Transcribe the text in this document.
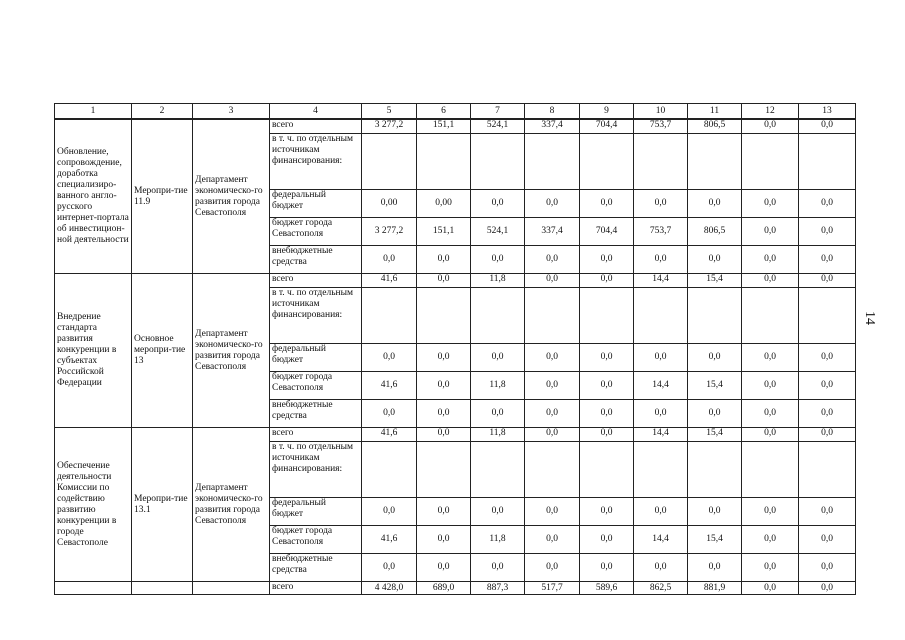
1	2	3	4	5	6	7	8	9	10	11	12	13
Обновление, сопровождение, доработка специализиро-ванного англо-русского интернет-портала об инвестицион-ной деятельности	Меропри-тие 11.9	Департамент экономическо-го развития города Севастополя	всего	3 277,2	151,1	524,1	337,4	704,4	753,7	806,5	0,0	0,0
			в т. ч. по отдельным источникам финансирования:									
			федеральный бюджет	0,00	0,00	0,0	0,0	0,0	0,0	0,0	0,0	0,0
			бюджет города Севастополя	3 277,2	151,1	524,1	337,4	704,4	753,7	806,5	0,0	0,0
			внебюджетные средства	0,0	0,0	0,0	0,0	0,0	0,0	0,0	0,0	0,0
Внедрение стандарта развития конкуренции в субъектах Российской Федерации	Основное меропри-тие 13	Департамент экономическо-го развития города Севастополя	всего	41,6	0,0	11,8	0,0	0,0	14,4	15,4	0,0	0,0
			в т. ч. по отдельным источникам финансирования:									
			федеральный бюджет	0,0	0,0	0,0	0,0	0,0	0,0	0,0	0,0	0,0
			бюджет города Севастополя	41,6	0,0	11,8	0,0	0,0	14,4	15,4	0,0	0,0
			внебюджетные средства	0,0	0,0	0,0	0,0	0,0	0,0	0,0	0,0	0,0
Обеспечение деятельности Комиссии по содействию развитию конкуренции в городе Севастополе	Меропри-тие 13.1	Департамент экономическо-го развития города Севастополя	всего	41,6	0,0	11,8	0,0	0,0	14,4	15,4	0,0	0,0
			в т. ч. по отдельным источникам финансирования:									
			федеральный бюджет	0,0	0,0	0,0	0,0	0,0	0,0	0,0	0,0	0,0
			бюджет города Севастополя	41,6	0,0	11,8	0,0	0,0	14,4	15,4	0,0	0,0
			внебюджетные средства	0,0	0,0	0,0	0,0	0,0	0,0	0,0	0,0	0,0
			всего	4 428,0	689,0	887,3	517,7	589,6	862,5	881,9	0,0	0,0
14
